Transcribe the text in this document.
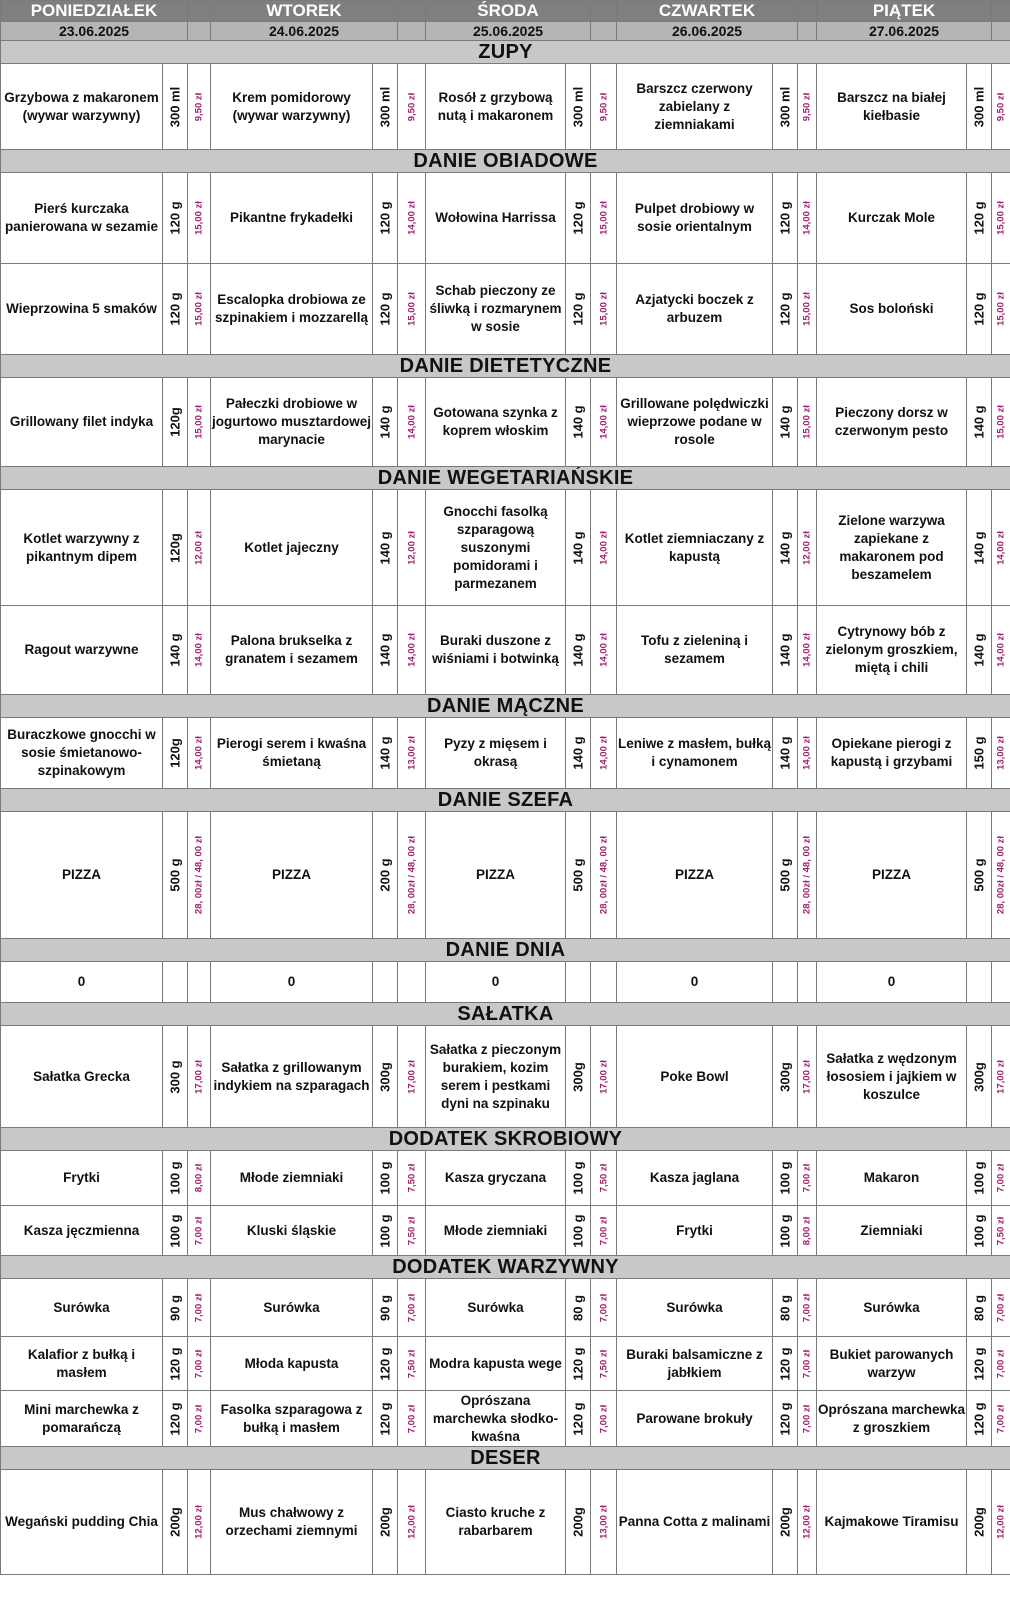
PONIEDZIAŁEK			WTOREK			ŚRODA			CZWARTEK			PIĄTEK		
23.06.2025			24.06.2025			25.06.2025			26.06.2025			27.06.2025		
ZUPY														
Grzybowa z makaronem (wywar warzywny)	300 ml	9,50 zł	Krem pomidorowy (wywar warzywny)	300 ml	9,50 zł	Rosół z grzybową nutą i makaronem	300 ml	9,50 zł	Barszcz czerwony zabielany z ziemniakami	300 ml	9,50 zł	Barszcz na białej kiełbasie	300 ml	9,50 zł

DANIE OBIADOWE														
Pierś kurczaka panierowana w sezamie	120 g	15,00 zł	Pikantne frykadełki	120 g	14,00 zł	Wołowina Harrissa	120 g	15,00 zł	Pulpet drobiowy w sosie orientalnym	120 g	14,00 zł	Kurczak Mole	120 g	15,00 zł

Wieprzowina 5 smaków	120 g	15,00 zł	Escalopka drobiowa ze szpinakiem i mozzarellą	120 g	15,00 zł	Schab pieczony ze śliwką i rozmarynem w sosie	120 g	15,00 zł	Azjatycki boczek z arbuzem	120 g	15,00 zł	Sos boloński	120 g	15,00 zł

DANIE DIETETYCZNE														
Grillowany filet indyka	120g	15,00 zł	Pałeczki drobiowe w jogurtowo musztardowej marynacie	140 g	14,00 zł	Gotowana szynka z koprem włoskim	140 g	14,00 zł	Grillowane polędwiczki wieprzowe podane w rosole	140 g	15,00 zł	Pieczony dorsz w czerwonym pesto	140 g	15,00 zł

DANIE WEGETARIAŃSKIE														
Kotlet warzywny z pikantnym dipem	120g	12,00 zł	Kotlet jajeczny	140 g	12,00 zł	Gnocchi fasolką szparagową suszonymi pomidorami i parmezanem	140 g	14,00 zł	Kotlet ziemniaczany z kapustą	140 g	12,00 zł	Zielone warzywa zapiekane z makaronem pod beszamelem	140 g	14,00 zł

Ragout warzywne	140 g	14,00 zł	Palona brukselka z granatem i sezamem	140 g	14,00 zł	Buraki duszone z wiśniami i botwinką	140 g	14,00 zł	Tofu z zieleniną i sezamem	140 g	14,00 zł	Cytrynowy bób z zielonym groszkiem, miętą i chili	140 g	14,00 zł

DANIE MĄCZNE														
Buraczkowe gnocchi w sosie śmietanowo-szpinakowym	120g	14,00 zł	Pierogi serem i kwaśna śmietaną	140 g	13,00 zł	Pyzy z mięsem i okrasą	140 g	14,00 zł	Leniwe z masłem, bułką i cynamonem	140 g	14,00 zł	Opiekane pierogi z kapustą i grzybami	150 g	13,00 zł

DANIE SZEFA														
PIZZA	500 g	28, 00zł / 48, 00 zł	PIZZA	200 g	28, 00zł / 48, 00 zł	PIZZA	500 g	28, 00zł / 48, 00 zł	PIZZA	500 g	28, 00zł / 48, 00 zł	PIZZA	500 g	28, 00zł / 48, 00 zł

DANIE DNIA														
0			0			0			0			0	

SAŁATKA														
Sałatka Grecka	300 g	17,00 zł	Sałatka z grillowanym indykiem na szparagach	300g	17,00 zł	Sałatka z pieczonym burakiem, kozim serem i pestkami dyni na szpinaku	300g	17,00 zł	Poke Bowl	300g	17,00 zł	Sałatka z wędzonym łososiem i jajkiem w koszulce	300g	17,00 zł

DODATEK SKROBIOWY														
Frytki	100 g	8,00 zł	Młode ziemniaki	100 g	7,50 zł	Kasza gryczana	100 g	7,50 zł	Kasza jaglana	100 g	7,00 zł	Makaron	100 g	7,00 zł

Kasza jęczmienna	100 g	7,00 zł	Kluski śląskie	100 g	7,50 zł	Młode ziemniaki	100 g	7,00 zł	Frytki	100 g	8,00 zł	Ziemniaki	100 g	7,50 zł

DODATEK WARZYWNY														
Surówka	90 g	7,00 zł	Surówka	90 g	7,00 zł	Surówka	80 g	7,00 zł	Surówka	80 g	7,00 zł	Surówka	80 g	7,00 zł

Kalafior z bułką i masłem	120 g	7,00 zł	Młoda kapusta	120 g	7,50 zł	Modra kapusta wege	120 g	7,50 zł	Buraki balsamiczne z jabłkiem	120 g	7,00 zł	Bukiet parowanych warzyw	120 g	7,00 zł

Mini marchewka z pomarańczą	120 g	7,00 zł	Fasolka szparagowa z bułką i masłem	120 g	7,00 zł	Oprószana marchewka słodko-kwaśna	120 g	7,00 zł	Parowane brokuły	120 g	7,00 zł	Oprószana marchewka z groszkiem	120 g	7,00 zł

DESER														
Wegański pudding Chia	200g	12,00 zł	Mus chałwowy z orzechami ziemnymi	200g	12,00 zł	Ciasto kruche z rabarbarem	200g	13,00 zł	Panna Cotta z malinami	200g	12,00 zł	Kajmakowe Tiramisu	200g	12,00 zł
